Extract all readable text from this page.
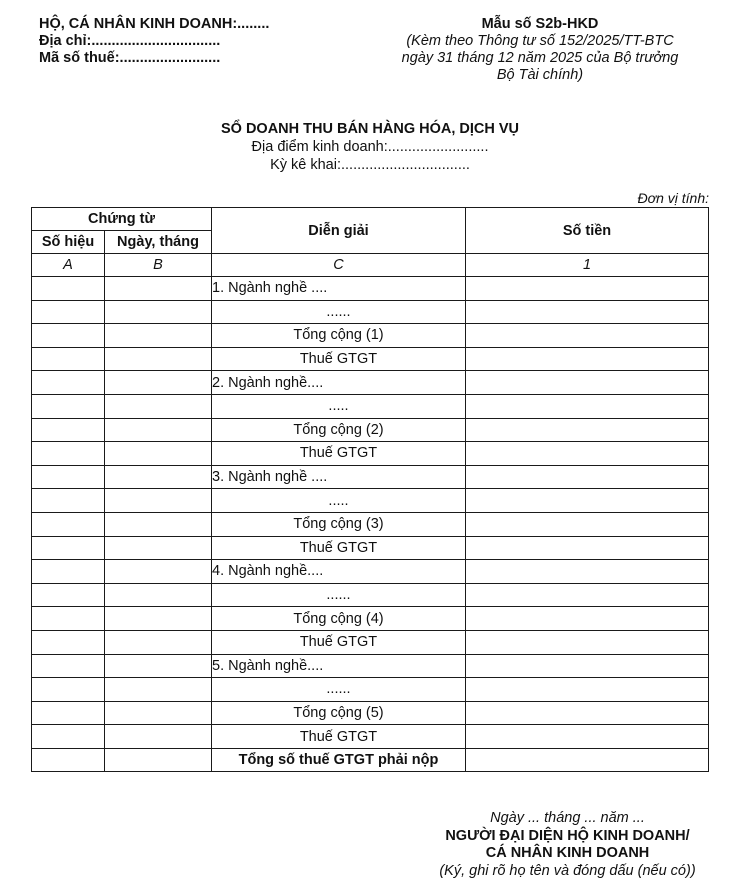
HỘ, CÁ NHÂN KINH DOANH:........
Địa chỉ:................................
Mã số thuế:.........................
Mẫu số S2b-HKD
(Kèm theo Thông tư số 152/2025/TT-BTC
ngày 31 tháng 12 năm 2025 của Bộ trưởng
Bộ Tài chính)
SỔ DOANH THU BÁN HÀNG HÓA, DỊCH VỤ
Địa điểm kinh doanh:.........................
Kỳ kê khai:................................
Đơn vị tính:
Chứng từ		Diễn giải	Số tiền
Số hiệu	Ngày, tháng		
A	B	C	1
		1. Ngành nghề ....	
		......	
		Tổng cộng (1)	
		Thuế GTGT	
		2. Ngành nghề....	
		.....	
		Tổng cộng (2)	
		Thuế GTGT	
		3. Ngành nghề ....	
		.....	
		Tổng cộng (3)	
		Thuế GTGT	
		4. Ngành nghề....	
		......	
		Tổng cộng (4)	
		Thuế GTGT	
		5. Ngành nghề....	
		......	
		Tổng cộng (5)	
		Thuế GTGT	
		Tổng số thuế GTGT phải nộp	
Ngày ... tháng ... năm ...
NGƯỜI ĐẠI DIỆN HỘ KINH DOANH/
CÁ NHÂN KINH DOANH
(Ký, ghi rõ họ tên và đóng dấu (nếu có))
